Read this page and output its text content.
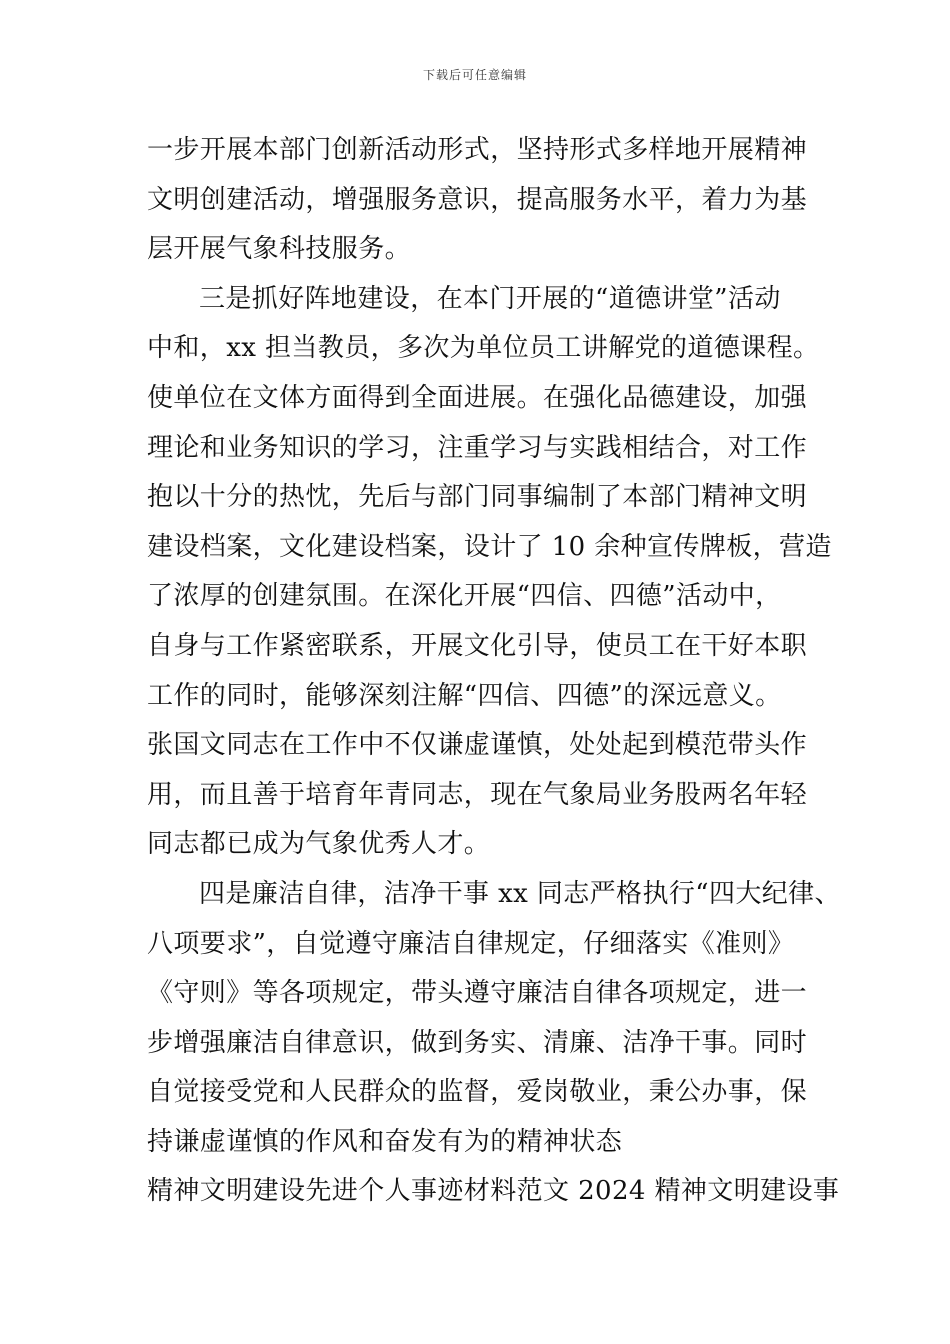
下载后可任意编辑
一步开展本部门创新活动形式，坚持形式多样地开展精神
文明创建活动，增强服务意识，提高服务水平，着力为基
层开展气象科技服务。
三是抓好阵地建设，在本门开展的“道德讲堂”活动
中和，xx 担当教员，多次为单位员工讲解党的道德课程。
使单位在文体方面得到全面进展。在强化品德建设，加强
理论和业务知识的学习，注重学习与实践相结合，对工作
抱以十分的热忱，先后与部门同事编制了本部门精神文明
建设档案，文化建设档案，设计了 10 余种宣传牌板，营造
了浓厚的创建氛围。在深化开展“四信、四德”活动中，
自身与工作紧密联系，开展文化引导，使员工在干好本职
工作的同时，能够深刻注解“四信、四德”的深远意义。
张国文同志在工作中不仅谦虚谨慎，处处起到模范带头作
用，而且善于培育年青同志，现在气象局业务股两名年轻
同志都已成为气象优秀人才。
四是廉洁自律，洁净干事 xx 同志严格执行“四大纪律、
八项要求”，自觉遵守廉洁自律规定，仔细落实《准则》
《守则》等各项规定，带头遵守廉洁自律各项规定，进一
步增强廉洁自律意识，做到务实、清廉、洁净干事。同时
自觉接受党和人民群众的监督，爱岗敬业，秉公办事，保
持谦虚谨慎的作风和奋发有为的精神状态
精神文明建设先进个人事迹材料范文 2024 精神文明建设事
